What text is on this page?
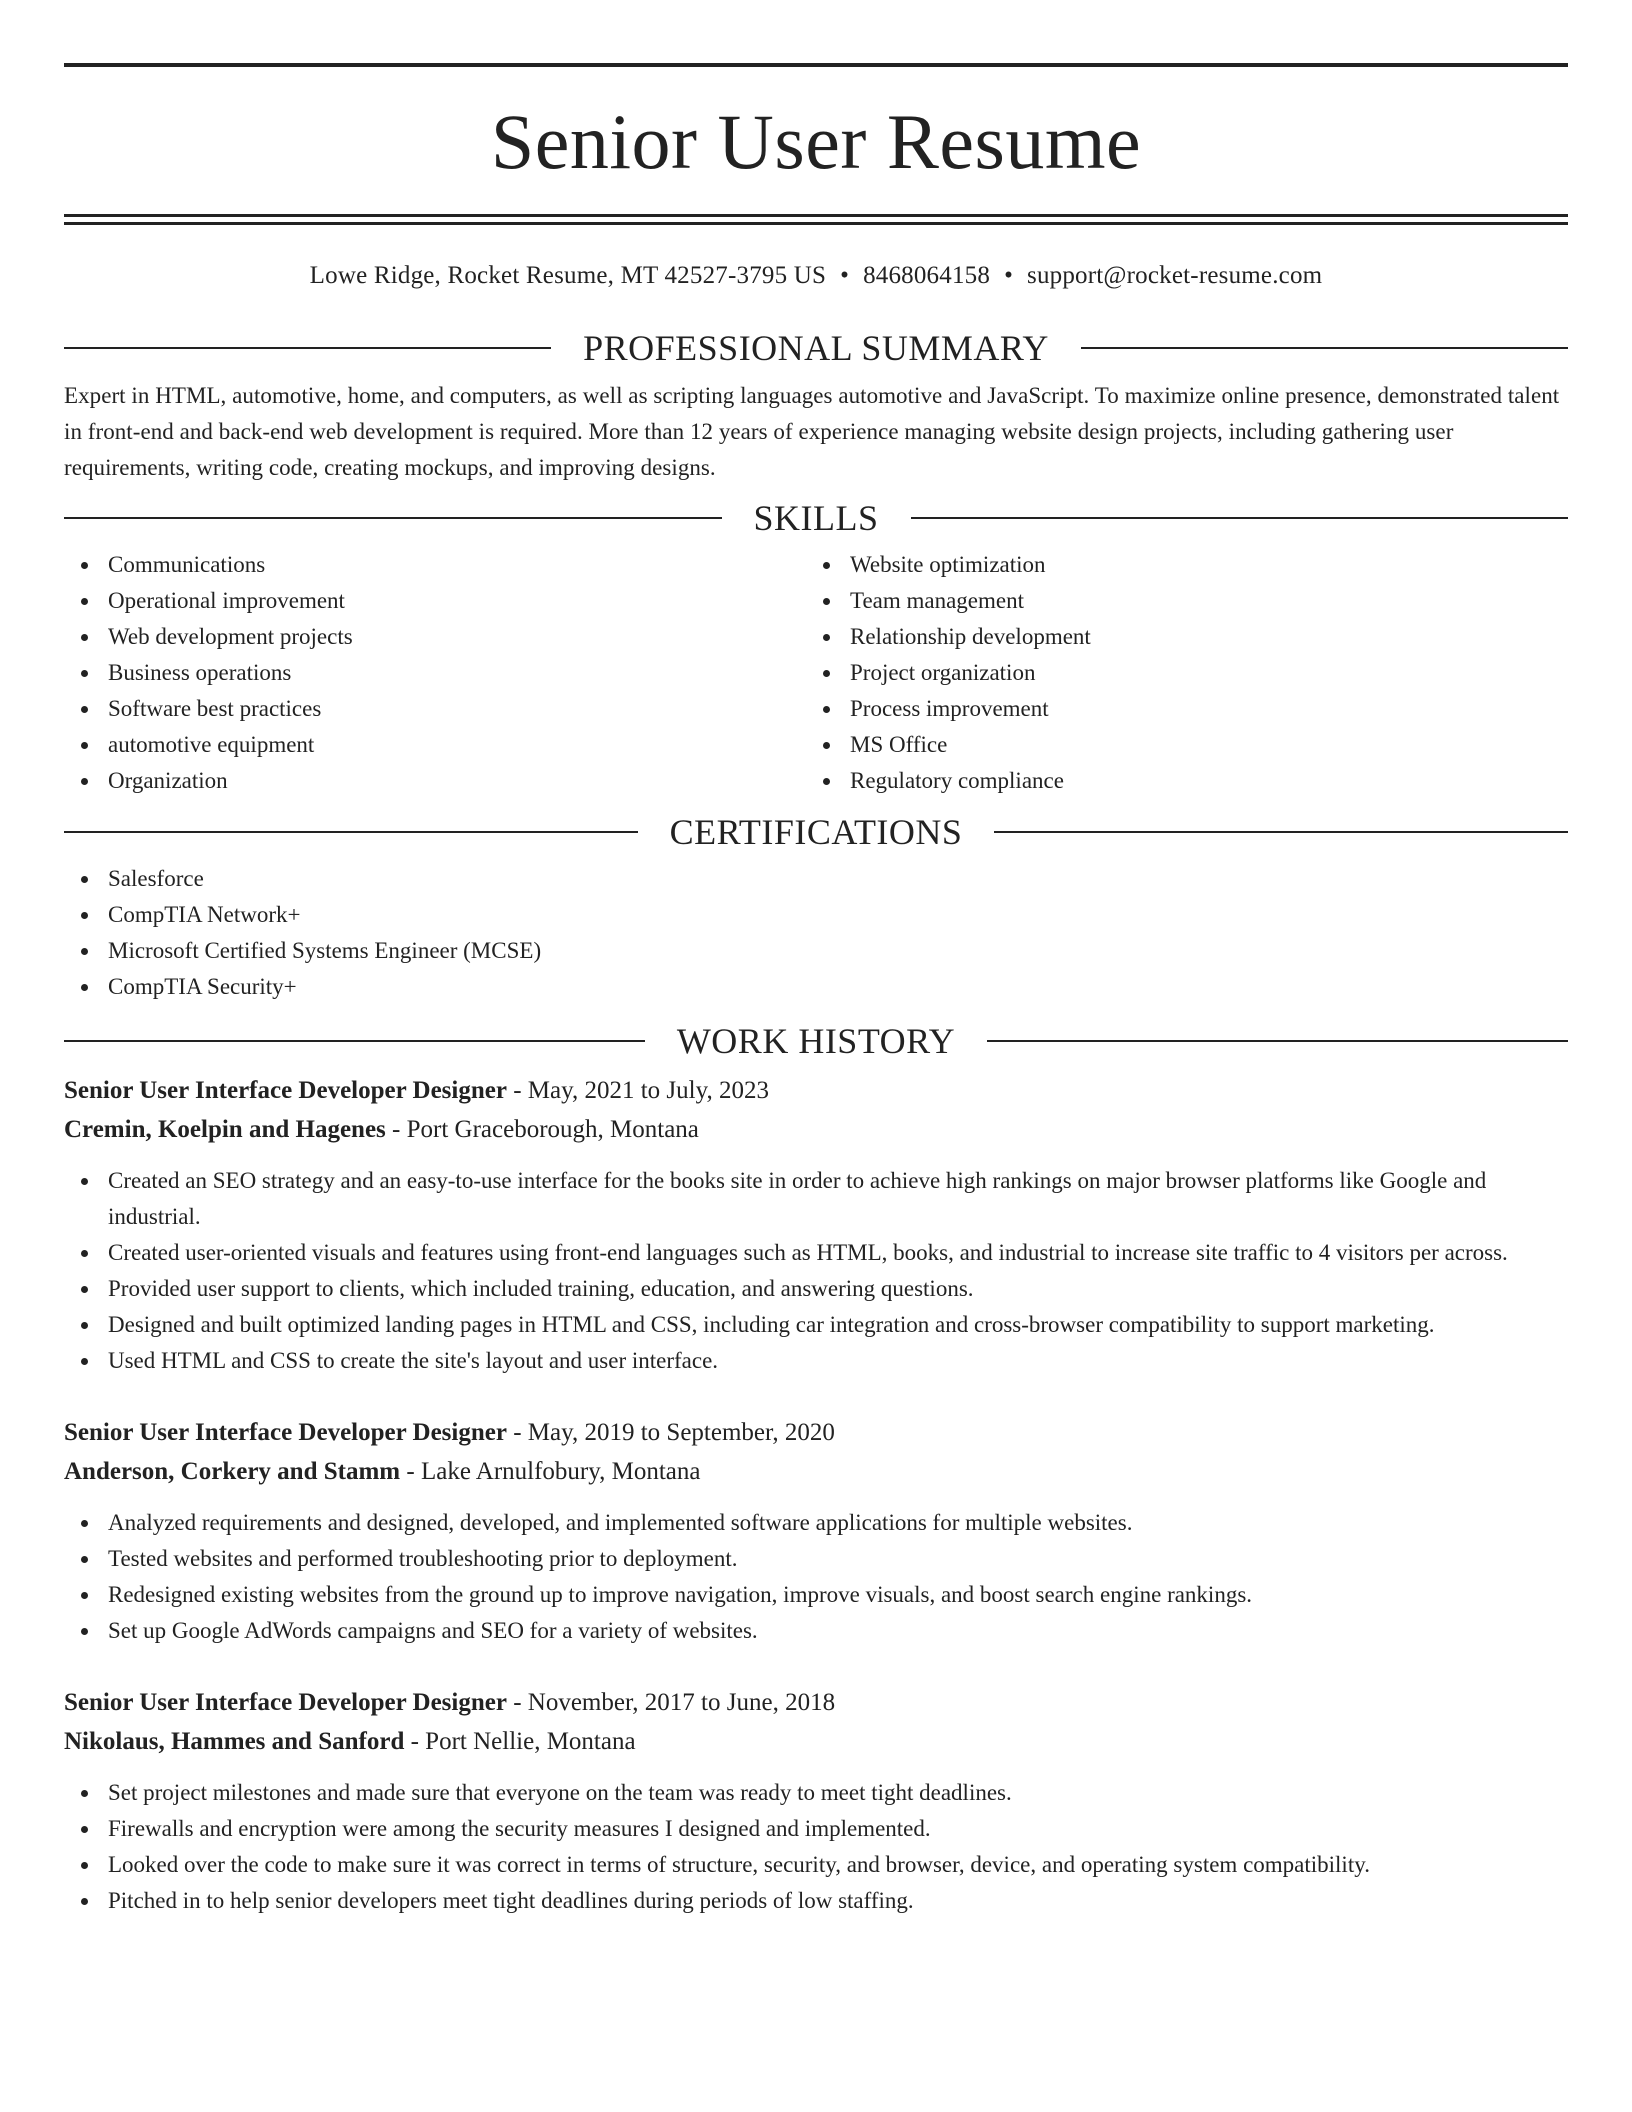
Senior User Resume
Lowe Ridge, Rocket Resume, MT 42527-3795 US • 8468064158 • support@rocket-resume.com
PROFESSIONAL SUMMARY

Expert in HTML, automotive, home, and computers, as well as scripting languages automotive and JavaScript. To maximize online presence, demonstrated talent in front-end and back-end web development is required. More than 12 years of experience managing website design projects, including gathering user requirements, writing code, creating mockups, and improving designs.

SKILLS
Communications
Operational improvement
Web development projects
Business operations
Software best practices
automotive equipment
Organization
Website optimization
Team management
Relationship development
Project organization
Process improvement
MS Office
Regulatory compliance
CERTIFICATIONS
Salesforce
CompTIA Network+
Microsoft Certified Systems Engineer (MCSE)
CompTIA Security+
WORK HISTORY
Senior User Interface Developer Designer - May, 2021 to July, 2023
Cremin, Koelpin and Hagenes - Port Graceborough, Montana
Created an SEO strategy and an easy-to-use interface for the books site in order to achieve high rankings on major browser platforms like Google and industrial.
Created user-oriented visuals and features using front-end languages such as HTML, books, and industrial to increase site traffic to 4 visitors per across.
Provided user support to clients, which included training, education, and answering questions.
Designed and built optimized landing pages in HTML and CSS, including car integration and cross-browser compatibility to support marketing.
Used HTML and CSS to create the site's layout and user interface.
Senior User Interface Developer Designer - May, 2019 to September, 2020
Anderson, Corkery and Stamm - Lake Arnulfobury, Montana
Analyzed requirements and designed, developed, and implemented software applications for multiple websites.
Tested websites and performed troubleshooting prior to deployment.
Redesigned existing websites from the ground up to improve navigation, improve visuals, and boost search engine rankings.
Set up Google AdWords campaigns and SEO for a variety of websites.
Senior User Interface Developer Designer - November, 2017 to June, 2018
Nikolaus, Hammes and Sanford - Port Nellie, Montana
Set project milestones and made sure that everyone on the team was ready to meet tight deadlines.
Firewalls and encryption were among the security measures I designed and implemented.
Looked over the code to make sure it was correct in terms of structure, security, and browser, device, and operating system compatibility.
Pitched in to help senior developers meet tight deadlines during periods of low staffing.
